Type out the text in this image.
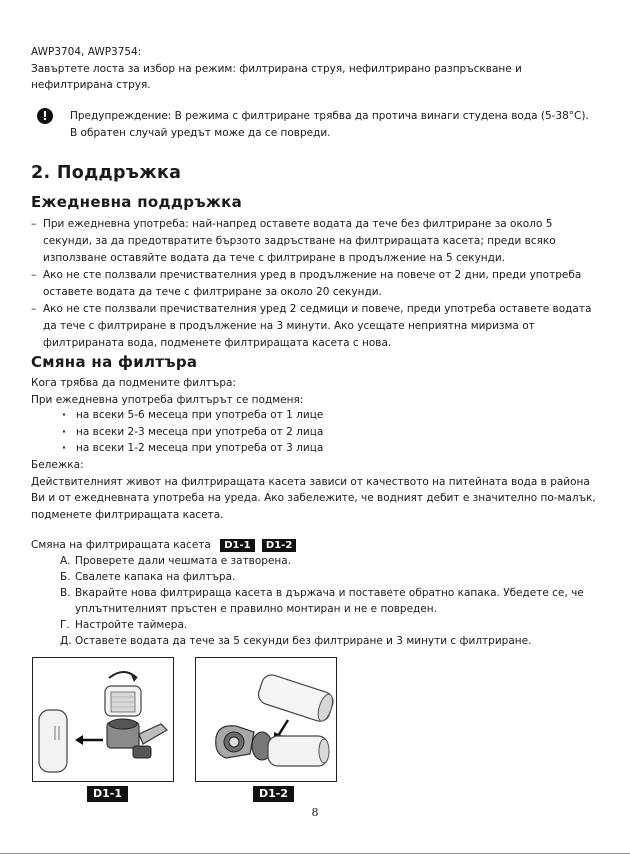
AWP3704, AWP3754:
Завъртете лоста за избор на режим: филтрирана струя, нефилтрирано разпръскване и нефилтрирана струя.

!	Предупреждение: В режима с филтриране трябва да протича винаги студена вода (5-38°C).
В обратен случай уредът може да се повреди.

2. Поддръжка
Ежедневна поддръжка
– При ежедневна употреба: най-напред оставете водата да тече без филтриране за около 5 секунди, за да предотвратите бързото задръстване на филтриращата касета; преди всяко използване оставяйте водата да тече с филтриране в продължение на 5 секунди.
– Ако не сте ползвали пречиствателния уред в продължение на повече от 2 дни, преди употреба оставете водата да тече с филтриране за около 20 секунди.
– Ако не сте ползвали пречиствателния уред 2 седмици и повече, преди употреба оставете водата да тече с филтриране в продължение на 3 минути. Ако усещате неприятна миризма от филтрираната вода, подменете филтриращата касета с нова.
Смяна на филтъра

Кога трябва да подмените филтъра:
При ежедневна употреба филтърът се подменя:

· на всеки 5-6 месеца при употреба от 1 лице
· на всеки 2-3 месеца при употреба от 2 лица
· на всеки 1-2 месеца при употреба от 3 лица

Бележка:
Действителният живот на филтриращата касета зависи от качеството на питейната вода в района Ви и от ежедневната употреба на уреда. Ако забележите, че водният дебит е значително по-малък, подменете филтриращата касета.

Смяна на филтриращата касета D1-1 D1-2

А. Проверете дали чешмата е затворена.
Б. Свалете капака на филтъра.
В. Вкарайте нова филтрираща касета в държача и поставете обратно капака. Убедете се, че уплътнителният пръстен е правилно монтиран и не е повреден.
Г. Настройте таймера.
Д. Оставете водата да тече за 5 секунди без филтриране и 3 минути с филтриране.
D1-1	D1-2
8
